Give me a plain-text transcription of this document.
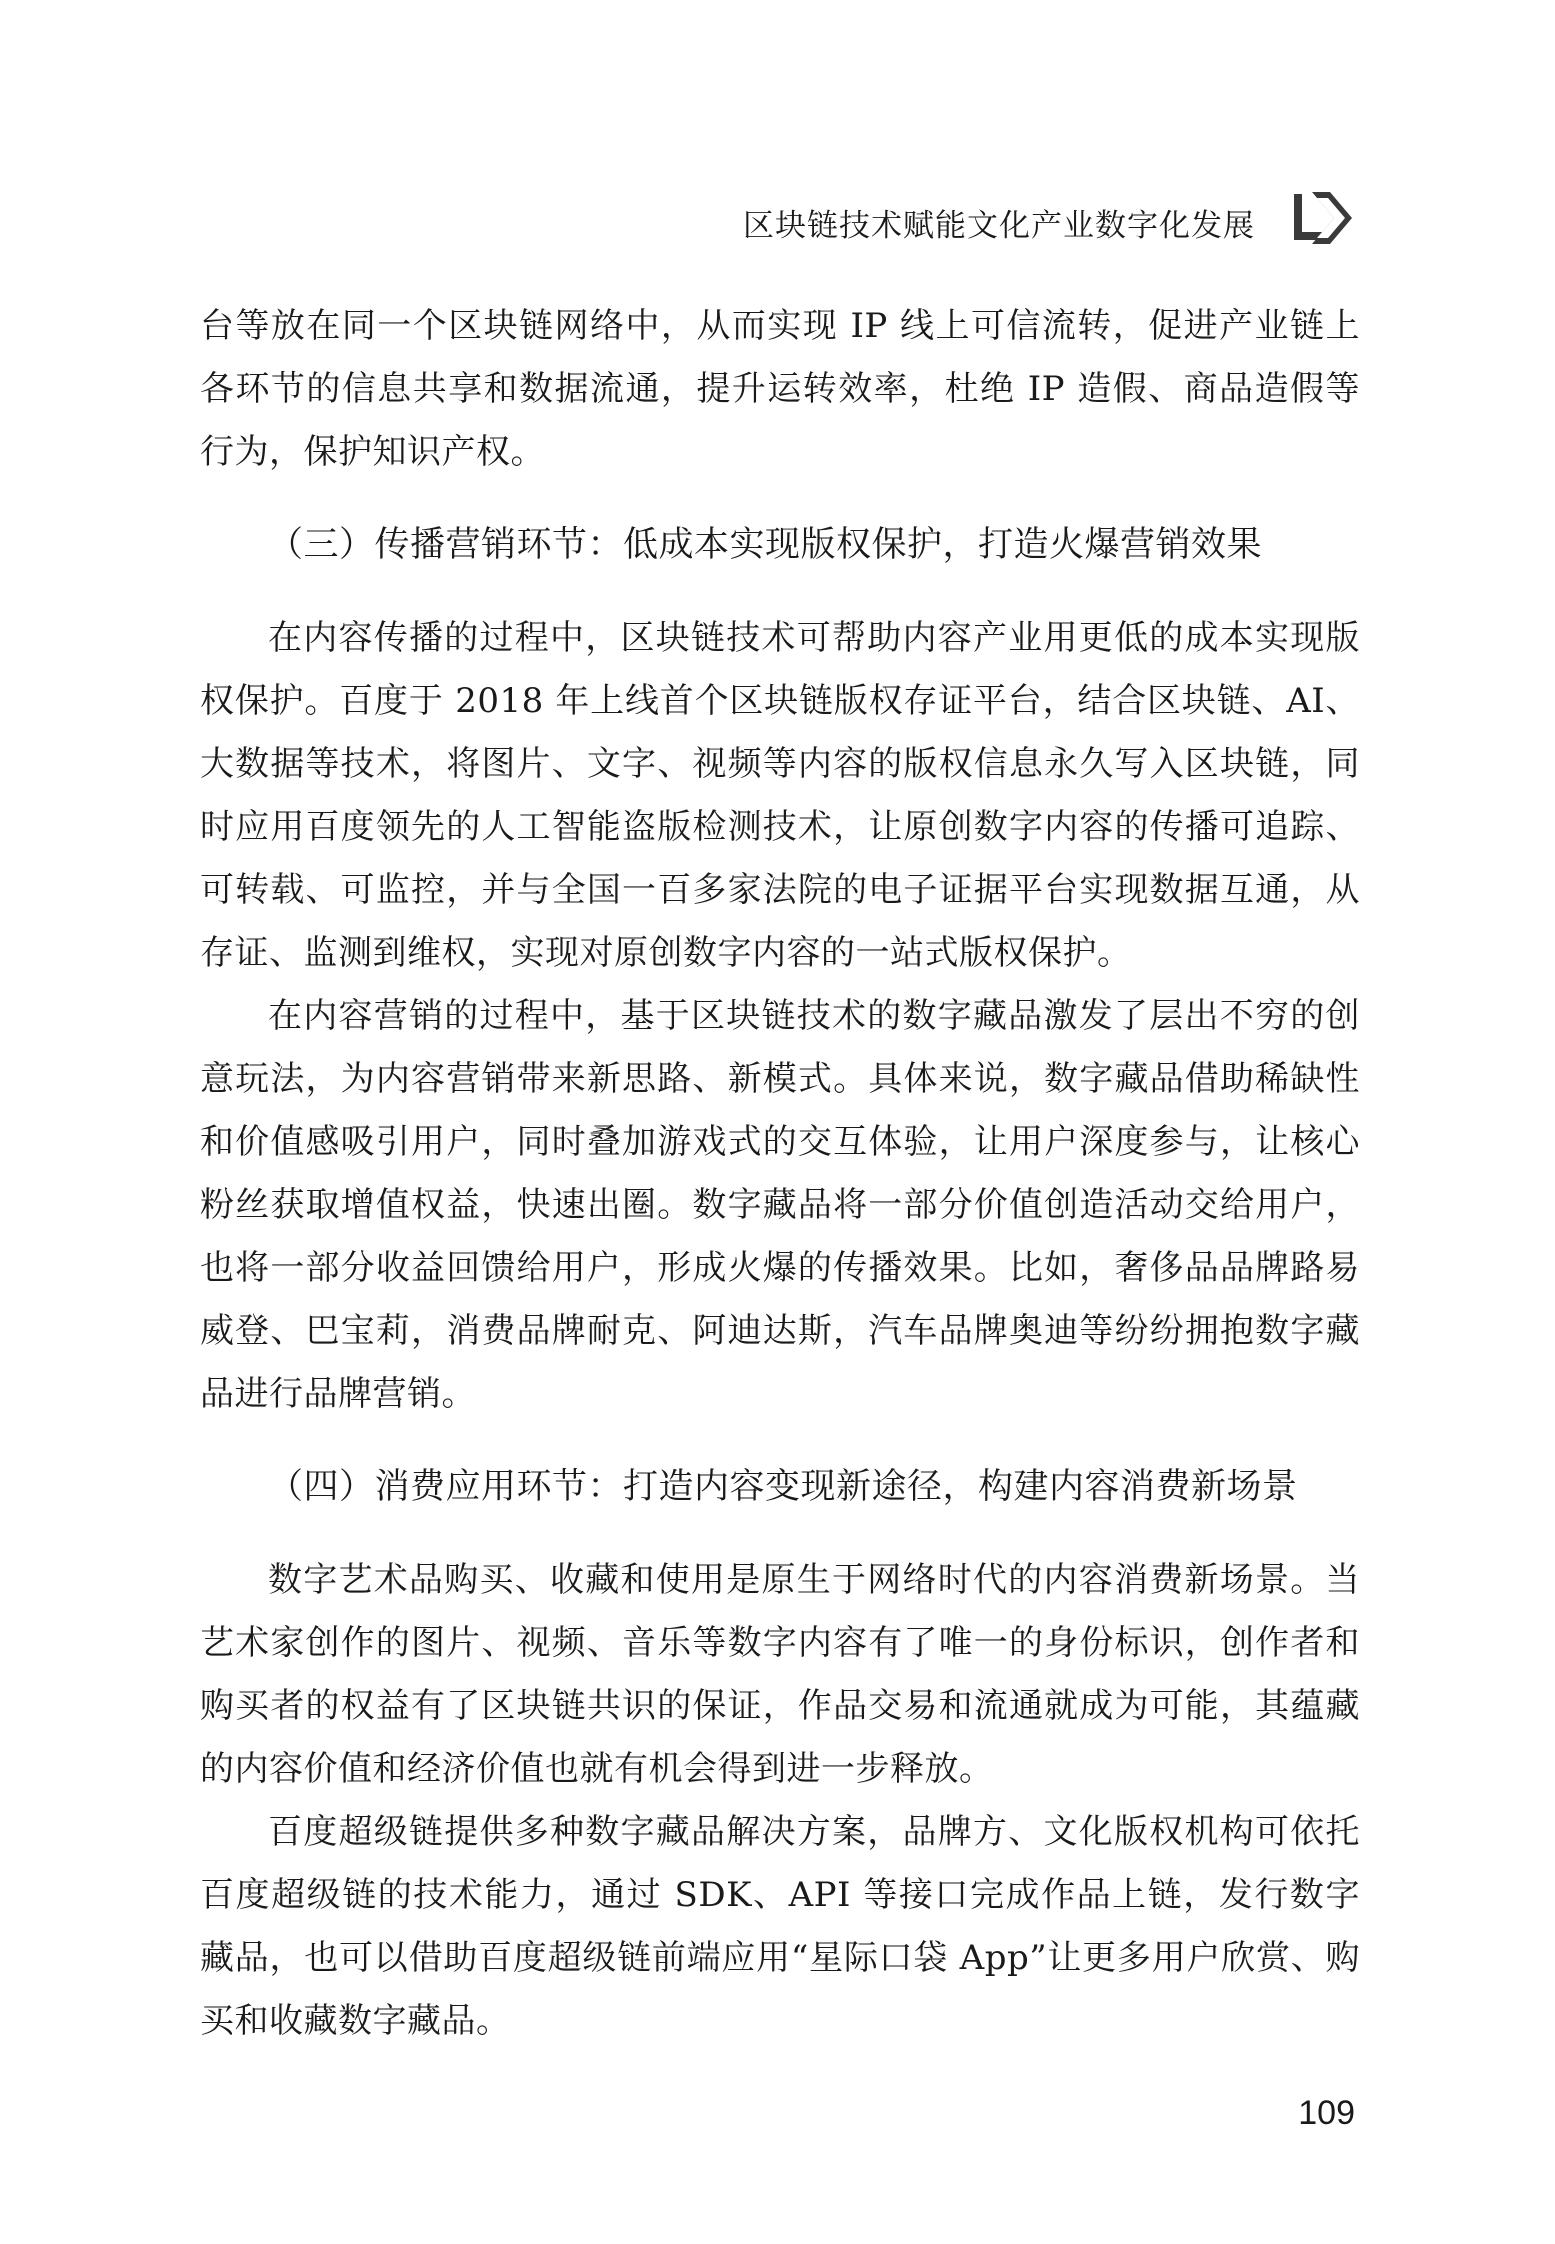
区块链技术赋能文化产业数字化发展

台等放在同一个区块链网络中，从而实现 IP 线上可信流转，促进产业链上各环节的信息共享和数据流通，提升运转效率，杜绝 IP 造假、商品造假等行为，保护知识产权。

（三）传播营销环节：低成本实现版权保护，打造火爆营销效果

在内容传播的过程中，区块链技术可帮助内容产业用更低的成本实现版权保护。百度于 2018 年上线首个区块链版权存证平台，结合区块链、AI、大数据等技术，将图片、文字、视频等内容的版权信息永久写入区块链，同时应用百度领先的人工智能盗版检测技术，让原创数字内容的传播可追踪、可转载、可监控，并与全国一百多家法院的电子证据平台实现数据互通，从存证、监测到维权，实现对原创数字内容的一站式版权保护。

在内容营销的过程中，基于区块链技术的数字藏品激发了层出不穷的创意玩法，为内容营销带来新思路、新模式。具体来说，数字藏品借助稀缺性和价值感吸引用户，同时叠加游戏式的交互体验，让用户深度参与，让核心粉丝获取增值权益，快速出圈。数字藏品将一部分价值创造活动交给用户，也将一部分收益回馈给用户，形成火爆的传播效果。比如，奢侈品品牌路易威登、巴宝莉，消费品牌耐克、阿迪达斯，汽车品牌奥迪等纷纷拥抱数字藏品进行品牌营销。

（四）消费应用环节：打造内容变现新途径，构建内容消费新场景

数字艺术品购买、收藏和使用是原生于网络时代的内容消费新场景。当艺术家创作的图片、视频、音乐等数字内容有了唯一的身份标识，创作者和购买者的权益有了区块链共识的保证，作品交易和流通就成为可能，其蕴藏的内容价值和经济价值也就有机会得到进一步释放。

百度超级链提供多种数字藏品解决方案，品牌方、文化版权机构可依托百度超级链的技术能力，通过 SDK、API 等接口完成作品上链，发行数字藏品，也可以借助百度超级链前端应用“星际口袋 App”让更多用户欣赏、购买和收藏数字藏品。

109
